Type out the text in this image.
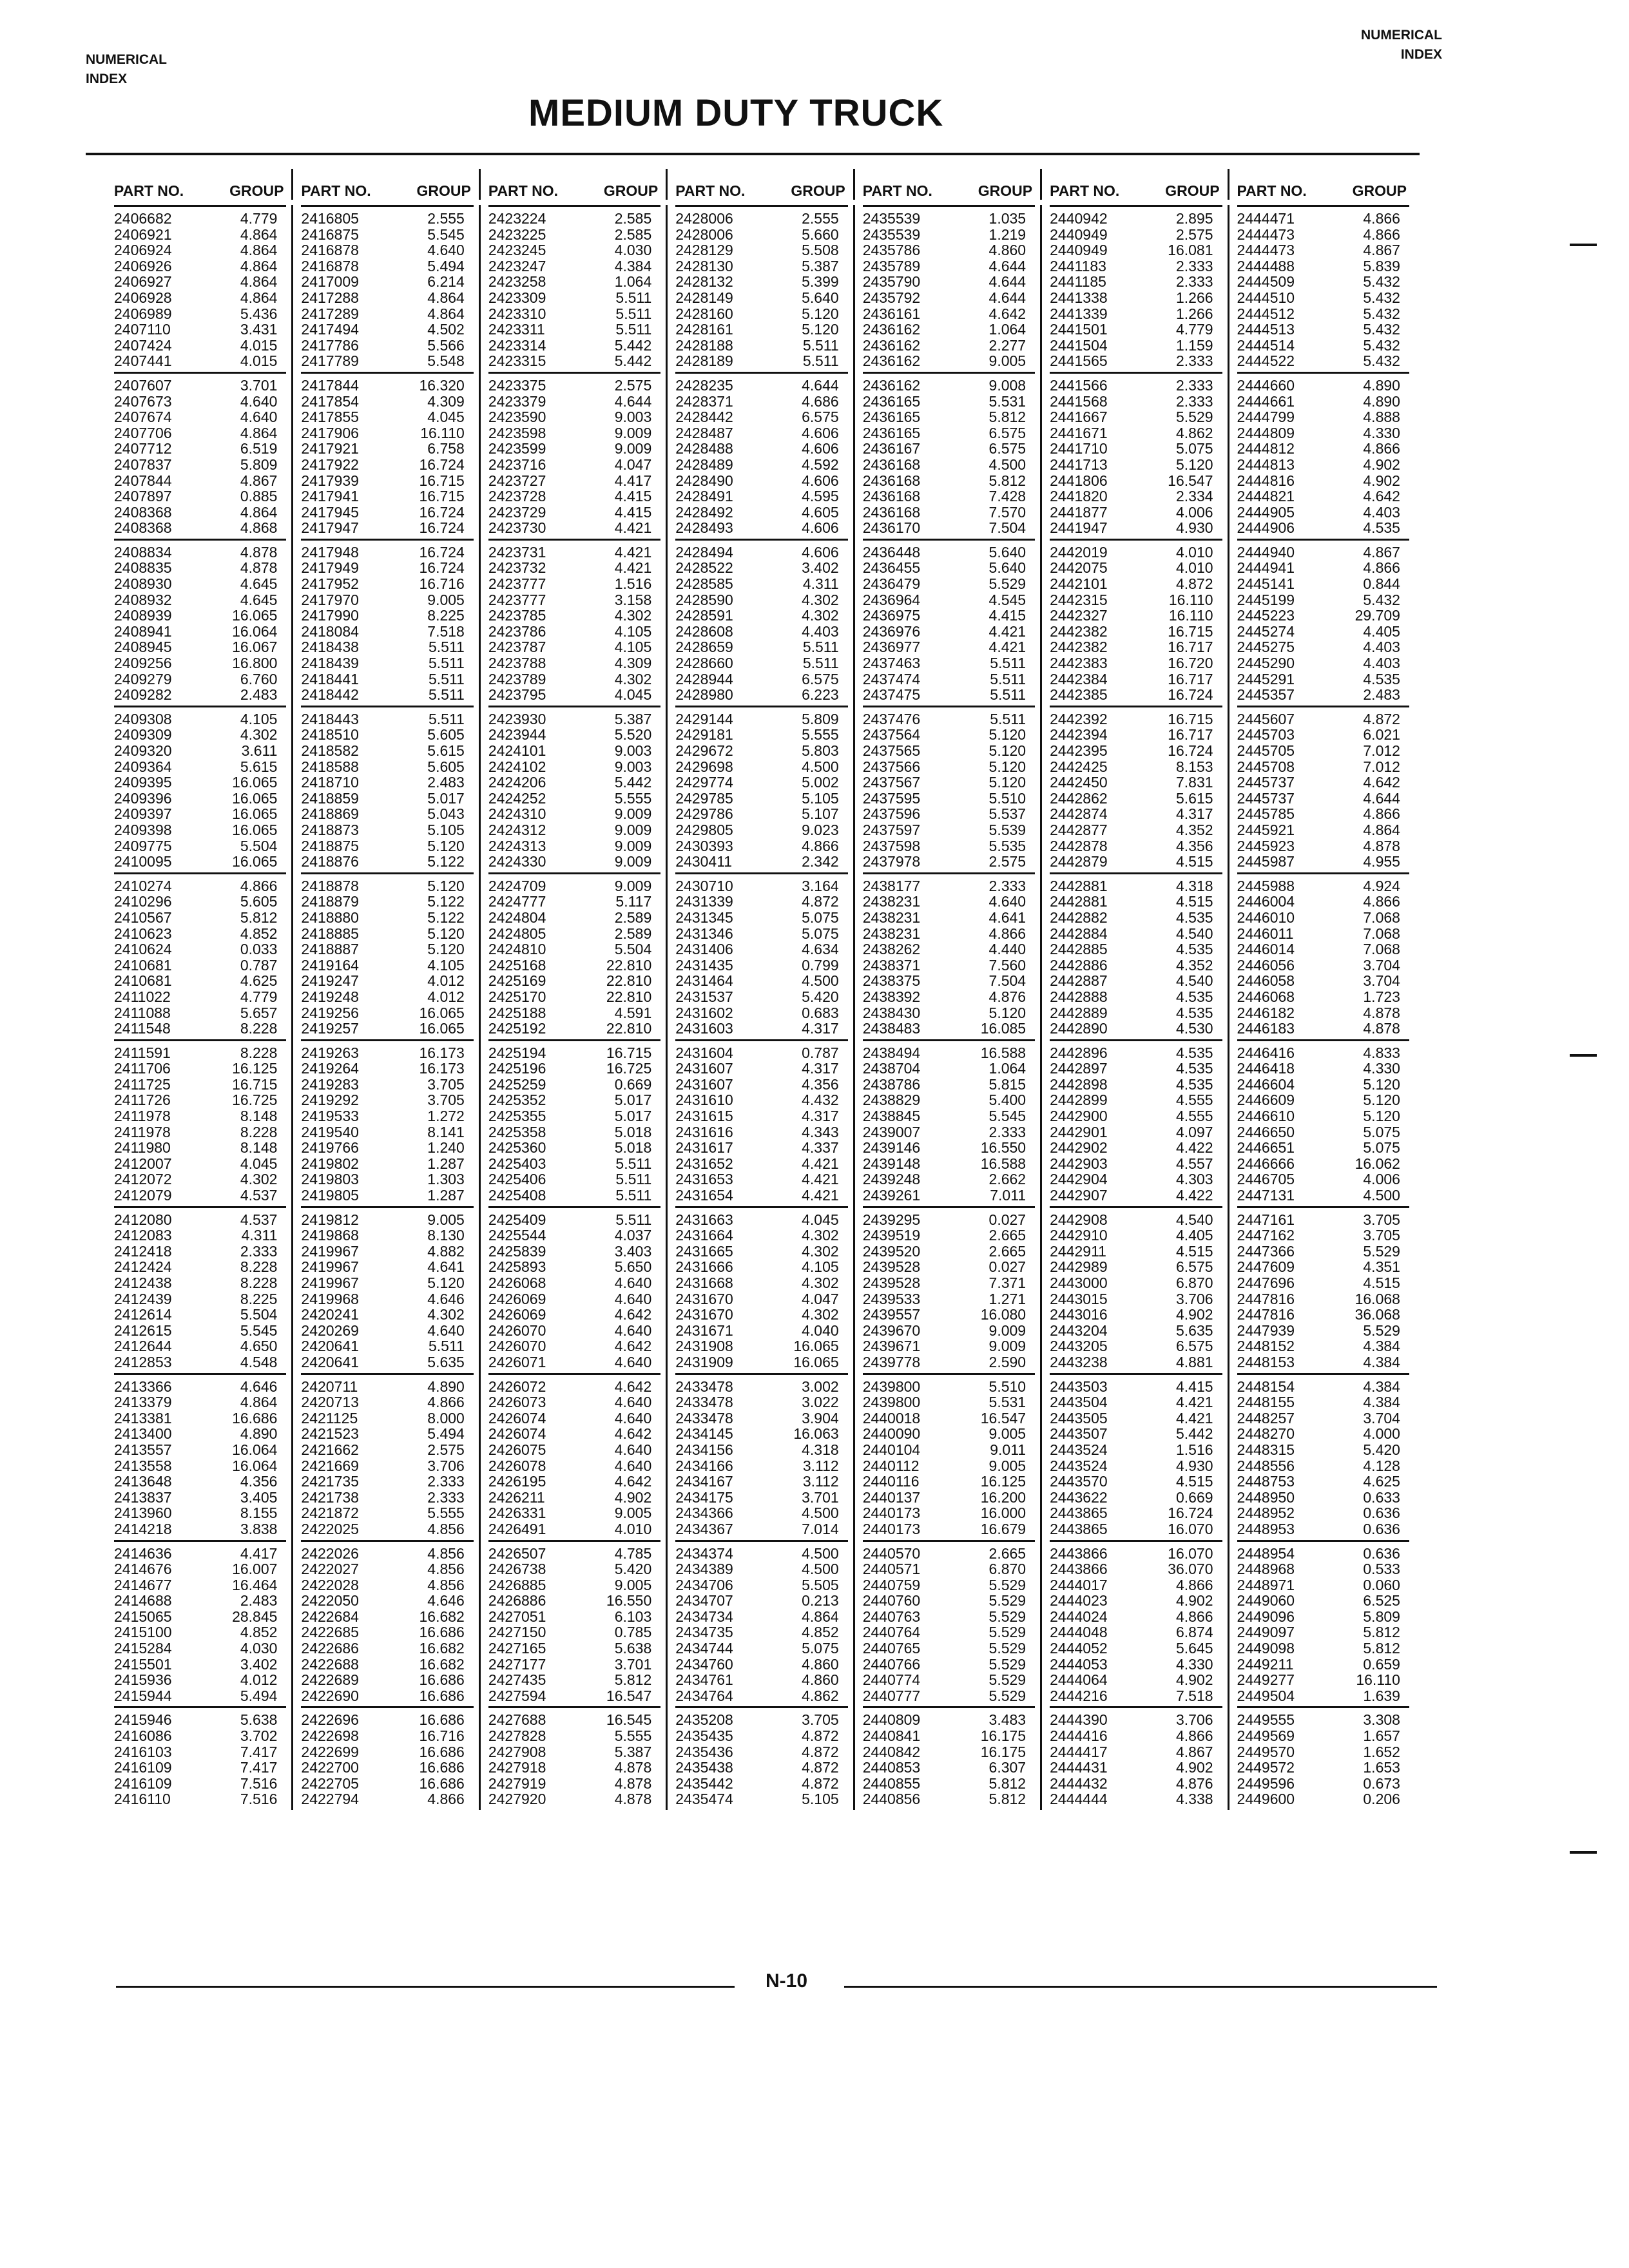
NUMERICAL
INDEX
NUMERICAL
INDEX
MEDIUM DUTY TRUCK
PART NO.	GROUP PART NO.	GROUP PART NO.	GROUP PART NO.	GROUP PART NO.	GROUP PART NO.	GROUP PART NO.	GROUP
2406682	4.779
2406921	4.864
2406924	4.864
2406926	4.864
2406927	4.864
2406928	4.864
2406989	5.436
2407110	3.431
2407424	4.015
2407441	4.015
2407607	3.701
2407673	4.640
2407674	4.640
2407706	4.864
2407712	6.519
2407837	5.809
2407844	4.867
2407897	0.885
2408368	4.864
2408368	4.868
2408834	4.878
2408835	4.878
2408930	4.645
2408932	4.645
2408939	16.065
2408941	16.064
2408945	16.067
2409256	16.800
2409279	6.760
2409282	2.483
2409308	4.105
2409309	4.302
2409320	3.611
2409364	5.615
2409395	16.065
2409396	16.065
2409397	16.065
2409398	16.065
2409775	5.504
2410095	16.065
2410274	4.866
2410296	5.605
2410567	5.812
2410623	4.852
2410624	0.033
2410681	0.787
2410681	4.625
2411022	4.779
2411088	5.657
2411548	8.228
2411591	8.228
2411706	16.125
2411725	16.715
2411726	16.725
2411978	8.148
2411978	8.228
2411980	8.148
2412007	4.045
2412072	4.302
2412079	4.537
2412080	4.537
2412083	4.311
2412418	2.333
2412424	8.228
2412438	8.228
2412439	8.225
2412614	5.504
2412615	5.545
2412644	4.650
2412853	4.548
2413366	4.646
2413379	4.864
2413381	16.686
2413400	4.890
2413557	16.064
2413558	16.064
2413648	4.356
2413837	3.405
2413960	8.155
2414218	3.838
2414636	4.417
2414676	16.007
2414677	16.464
2414688	2.483
2415065	28.845
2415100	4.852
2415284	4.030
2415501	3.402
2415936	4.012
2415944	5.494
2415946	5.638
2416086	3.702
2416103	7.417
2416109	7.417
2416109	7.516
2416110	7.516
2416805	2.555
2416875	5.545
2416878	4.640
2416878	5.494
2417009	6.214
2417288	4.864
2417289	4.864
2417494	4.502
2417786	5.566
2417789	5.548
2417844	16.320
2417854	4.309
2417855	4.045
2417906	16.110
2417921	6.758
2417922	16.724
2417939	16.715
2417941	16.715
2417945	16.724
2417947	16.724
2417948	16.724
2417949	16.724
2417952	16.716
2417970	9.005
2417990	8.225
2418084	7.518
2418438	5.511
2418439	5.511
2418441	5.511
2418442	5.511
2418443	5.511
2418510	5.605
2418582	5.615
2418588	5.605
2418710	2.483
2418859	5.017
2418869	5.043
2418873	5.105
2418875	5.120
2418876	5.122
2418878	5.120
2418879	5.122
2418880	5.122
2418885	5.120
2418887	5.120
2419164	4.105
2419247	4.012
2419248	4.012
2419256	16.065
2419257	16.065
2419263	16.173
2419264	16.173
2419283	3.705
2419292	3.705
2419533	1.272
2419540	8.141
2419766	1.240
2419802	1.287
2419803	1.303
2419805	1.287
2419812	9.005
2419868	8.130
2419967	4.882
2419967	4.641
2419967	5.120
2419968	4.646
2420241	4.302
2420269	4.640
2420641	5.511
2420641	5.635
2420711	4.890
2420713	4.866
2421125	8.000
2421523	5.494
2421662	2.575
2421669	3.706
2421735	2.333
2421738	2.333
2421872	5.555
2422025	4.856
2422026	4.856
2422027	4.856
2422028	4.856
2422050	4.646
2422684	16.682
2422685	16.686
2422686	16.682
2422688	16.682
2422689	16.686
2422690	16.686
2422696	16.686
2422698	16.716
2422699	16.686
2422700	16.686
2422705	16.686
2422794	4.866
2423224	2.585
2423225	2.585
2423245	4.030
2423247	4.384
2423258	1.064
2423309	5.511
2423310	5.511
2423311	5.511
2423314	5.442
2423315	5.442
2423375	2.575
2423379	4.644
2423590	9.003
2423598	9.009
2423599	9.009
2423716	4.047
2423727	4.417
2423728	4.415
2423729	4.415
2423730	4.421
2423731	4.421
2423732	4.421
2423777	1.516
2423777	3.158
2423785	4.302
2423786	4.105
2423787	4.105
2423788	4.309
2423789	4.302
2423795	4.045
2423930	5.387
2423944	5.520
2424101	9.003
2424102	9.003
2424206	5.442
2424252	5.555
2424310	9.009
2424312	9.009
2424313	9.009
2424330	9.009
2424709	9.009
2424777	5.117
2424804	2.589
2424805	2.589
2424810	5.504
2425168	22.810
2425169	22.810
2425170	22.810
2425188	4.591
2425192	22.810
2425194	16.715
2425196	16.725
2425259	0.669
2425352	5.017
2425355	5.017
2425358	5.018
2425360	5.018
2425403	5.511
2425406	5.511
2425408	5.511
2425409	5.511
2425544	4.037
2425839	3.403
2425893	5.650
2426068	4.640
2426069	4.640
2426069	4.642
2426070	4.640
2426070	4.642
2426071	4.640
2426072	4.642
2426073	4.640
2426074	4.640
2426074	4.642
2426075	4.640
2426078	4.640
2426195	4.642
2426211	4.902
2426331	9.005
2426491	4.010
2426507	4.785
2426738	5.420
2426885	9.005
2426886	16.550
2427051	6.103
2427150	0.785
2427165	5.638
2427177	3.701
2427435	5.812
2427594	16.547
2427688	16.545
2427828	5.555
2427908	5.387
2427918	4.878
2427919	4.878
2427920	4.878
2428006	2.555
2428006	5.660
2428129	5.508
2428130	5.387
2428132	5.399
2428149	5.640
2428160	5.120
2428161	5.120
2428188	5.511
2428189	5.511
2428235	4.644
2428371	4.686
2428442	6.575
2428487	4.606
2428488	4.606
2428489	4.592
2428490	4.606
2428491	4.595
2428492	4.605
2428493	4.606
2428494	4.606
2428522	3.402
2428585	4.311
2428590	4.302
2428591	4.302
2428608	4.403
2428659	5.511
2428660	5.511
2428944	6.575
2428980	6.223
2429144	5.809
2429181	5.555
2429672	5.803
2429698	4.500
2429774	5.002
2429785	5.105
2429786	5.107
2429805	9.023
2430393	4.866
2430411	2.342
2430710	3.164
2431339	4.872
2431345	5.075
2431346	5.075
2431406	4.634
2431435	0.799
2431464	4.500
2431537	5.420
2431602	0.683
2431603	4.317
2431604	0.787
2431607	4.317
2431607	4.356
2431610	4.432
2431615	4.317
2431616	4.343
2431617	4.337
2431652	4.421
2431653	4.421
2431654	4.421
2431663	4.045
2431664	4.302
2431665	4.302
2431666	4.105
2431668	4.302
2431670	4.047
2431670	4.302
2431671	4.040
2431908	16.065
2431909	16.065
2433478	3.002
2433478	3.022
2433478	3.904
2434145	16.063
2434156	4.318
2434166	3.112
2434167	3.112
2434175	3.701
2434366	4.500
2434367	7.014
2434374	4.500
2434389	4.500
2434706	5.505
2434707	0.213
2434734	4.864
2434735	4.852
2434744	5.075
2434760	4.860
2434761	4.860
2434764	4.862
2435208	3.705
2435435	4.872
2435436	4.872
2435438	4.872
2435442	4.872
2435474	5.105
2435539	1.035
2435539	1.219
2435786	4.860
2435789	4.644
2435790	4.644
2435792	4.644
2436161	4.642
2436162	1.064
2436162	2.277
2436162	9.005
2436162	9.008
2436165	5.531
2436165	5.812
2436165	6.575
2436167	6.575
2436168	4.500
2436168	5.812
2436168	7.428
2436168	7.570
2436170	7.504
2436448	5.640
2436455	5.640
2436479	5.529
2436964	4.545
2436975	4.415
2436976	4.421
2436977	4.421
2437463	5.511
2437474	5.511
2437475	5.511
2437476	5.511
2437564	5.120
2437565	5.120
2437566	5.120
2437567	5.120
2437595	5.510
2437596	5.537
2437597	5.539
2437598	5.535
2437978	2.575
2438177	2.333
2438231	4.640
2438231	4.641
2438231	4.866
2438262	4.440
2438371	7.560
2438375	7.504
2438392	4.876
2438430	5.120
2438483	16.085
2438494	16.588
2438704	1.064
2438786	5.815
2438829	5.400
2438845	5.545
2439007	2.333
2439146	16.550
2439148	16.588
2439248	2.662
2439261	7.011
2439295	0.027
2439519	2.665
2439520	2.665
2439528	0.027
2439528	7.371
2439533	1.271
2439557	16.080
2439670	9.009
2439671	9.009
2439778	2.590
2439800	5.510
2439800	5.531
2440018	16.547
2440090	9.005
2440104	9.011
2440112	9.005
2440116	16.125
2440137	16.200
2440173	16.000
2440173	16.679
2440570	2.665
2440571	6.870
2440759	5.529
2440760	5.529
2440763	5.529
2440764	5.529
2440765	5.529
2440766	5.529
2440774	5.529
2440777	5.529
2440809	3.483
2440841	16.175
2440842	16.175
2440853	6.307
2440855	5.812
2440856	5.812
2440942	2.895
2440949	2.575
2440949	16.081
2441183	2.333
2441185	2.333
2441338	1.266
2441339	1.266
2441501	4.779
2441504	1.159
2441565	2.333
2441566	2.333
2441568	2.333
2441667	5.529
2441671	4.862
2441710	5.075
2441713	5.120
2441806	16.547
2441820	2.334
2441877	4.006
2441947	4.930
2442019	4.010
2442075	4.010
2442101	4.872
2442315	16.110
2442327	16.110
2442382	16.715
2442382	16.717
2442383	16.720
2442384	16.717
2442385	16.724
2442392	16.715
2442394	16.717
2442395	16.724
2442425	8.153
2442450	7.831
2442862	5.615
2442874	4.317
2442877	4.352
2442878	4.356
2442879	4.515
2442881	4.318
2442881	4.515
2442882	4.535
2442884	4.540
2442885	4.535
2442886	4.352
2442887	4.540
2442888	4.535
2442889	4.535
2442890	4.530
2442896	4.535
2442897	4.535
2442898	4.535
2442899	4.555
2442900	4.555
2442901	4.097
2442902	4.422
2442903	4.557
2442904	4.303
2442907	4.422
2442908	4.540
2442910	4.405
2442911	4.515
2442989	6.575
2443000	6.870
2443015	3.706
2443016	4.902
2443204	5.635
2443205	6.575
2443238	4.881
2443503	4.415
2443504	4.421
2443505	4.421
2443507	5.442
2443524	1.516
2443524	4.930
2443570	4.515
2443622	0.669
2443865	16.724
2443865	16.070
2443866	16.070
2443866	36.070
2444017	4.866
2444023	4.902
2444024	4.866
2444048	6.874
2444052	5.645
2444053	4.330
2444064	4.902
2444216	7.518
2444390	3.706
2444416	4.866
2444417	4.867
2444431	4.902
2444432	4.876
2444444	4.338
2444471	4.866
2444473	4.866
2444473	4.867
2444488	5.839
2444509	5.432
2444510	5.432
2444512	5.432
2444513	5.432
2444514	5.432
2444522	5.432
2444660	4.890
2444661	4.890
2444799	4.888
2444809	4.330
2444812	4.866
2444813	4.902
2444816	4.902
2444821	4.642
2444905	4.403
2444906	4.535
2444940	4.867
2444941	4.866
2445141	0.844
2445199	5.432
2445223	29.709
2445274	4.405
2445275	4.403
2445290	4.403
2445291	4.535
2445357	2.483
2445607	4.872
2445703	6.021
2445705	7.012
2445708	7.012
2445737	4.642
2445737	4.644
2445785	4.866
2445921	4.864
2445923	4.878
2445987	4.955
2445988	4.924
2446004	4.866
2446010	7.068
2446011	7.068
2446014	7.068
2446056	3.704
2446058	3.704
2446068	1.723
2446182	4.878
2446183	4.878
2446416	4.833
2446418	4.330
2446604	5.120
2446609	5.120
2446610	5.120
2446650	5.075
2446651	5.075
2446666	16.062
2446705	4.006
2447131	4.500
2447161	3.705
2447162	3.705
2447366	5.529
2447609	4.351
2447696	4.515
2447816	16.068
2447816	36.068
2447939	5.529
2448152	4.384
2448153	4.384
2448154	4.384
2448155	4.384
2448257	3.704
2448270	4.000
2448315	5.420
2448556	4.128
2448753	4.625
2448950	0.633
2448952	0.636
2448953	0.636
2448954	0.636
2448968	0.533
2448971	0.060
2449060	6.525
2449096	5.809
2449097	5.812
2449098	5.812
2449211	0.659
2449277	16.110
2449504	1.639
2449555	3.308
2449569	1.657
2449570	1.652
2449572	1.653
2449596	0.673
2449600	0.206
N-10
